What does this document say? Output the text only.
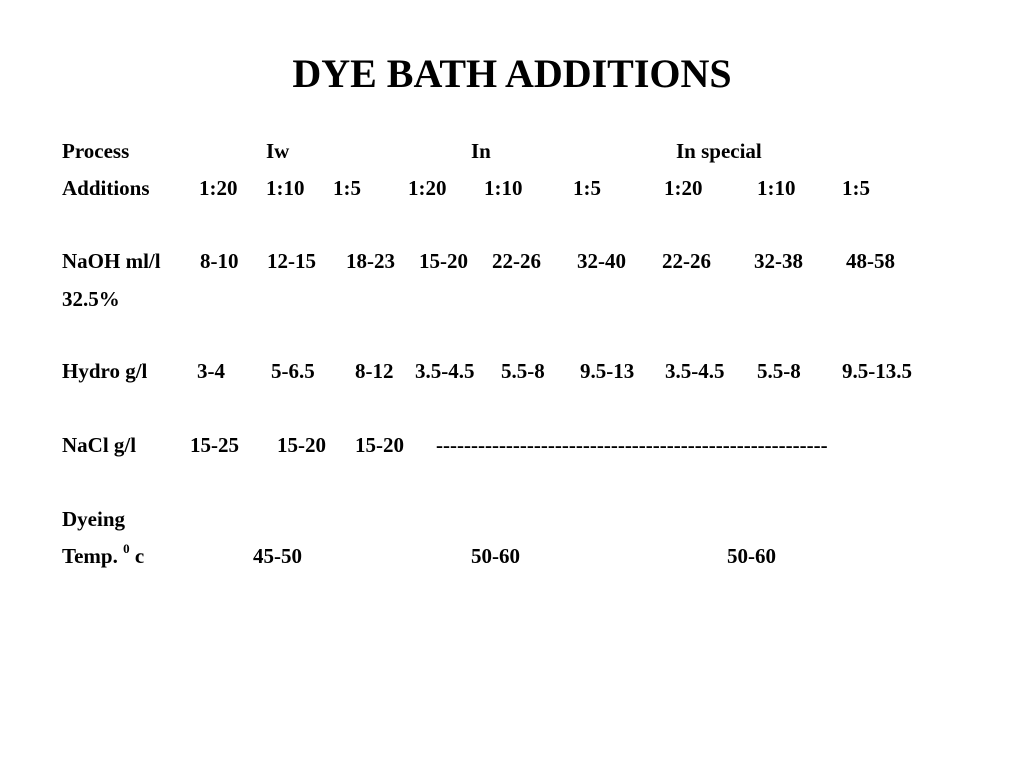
DYE BATH ADDITIONS
Process	Iw	In	In special
Additions 1:20 1:10 1:5 1:20 1:10 1:5	1:20	1:10 1:5
NaOH ml/l 8-10 12-15 18-23 15-20 22-26 32-40 22-26 32-38 48-58
32.5%
Hydro g/l 3-4 5-6.5 8-12 3.5-4.5 5.5-8 9.5-13 3.5-4.5 5.5-8 9.5-13.5
NaCl g/l	15-25 15-20 15-20 --------------------------------------------------------
Dyeing
Temp. $^0$ c	45-50	50-60	50-60
